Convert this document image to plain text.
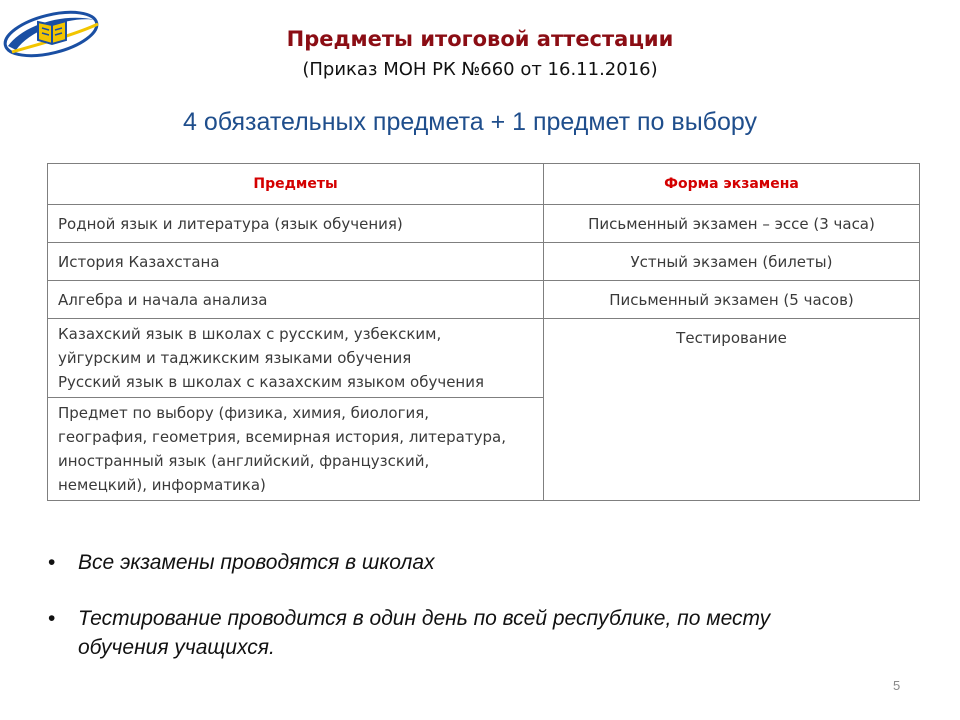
Предметы итоговой аттестации
(Приказ МОН РК №660 от 16.11.2016)
4 обязательных предмета + 1 предмет по выбору
Предметы	Форма экзамена
Родной язык и литература (язык обучения)	Письменный экзамен – эссе (3 часа)
История Казахстана	Устный экзамен (билеты)
Алгебра и начала анализа	Письменный экзамен (5 часов)

Казахский язык в школах с русским, узбекским,
уйгурским и таджикским языками обучения
Русский язык в школах с казахским языком обучения	Тестирование

Предмет по выбору (физика, химия, биология,
география, геометрия, всемирная история, литература,
иностранный язык (английский, французский,
немецкий), информатика)	
• Все экзамены проводятся в школах
• Тестирование проводится в один день по всей республике, по месту
обучения учащихся.
5
